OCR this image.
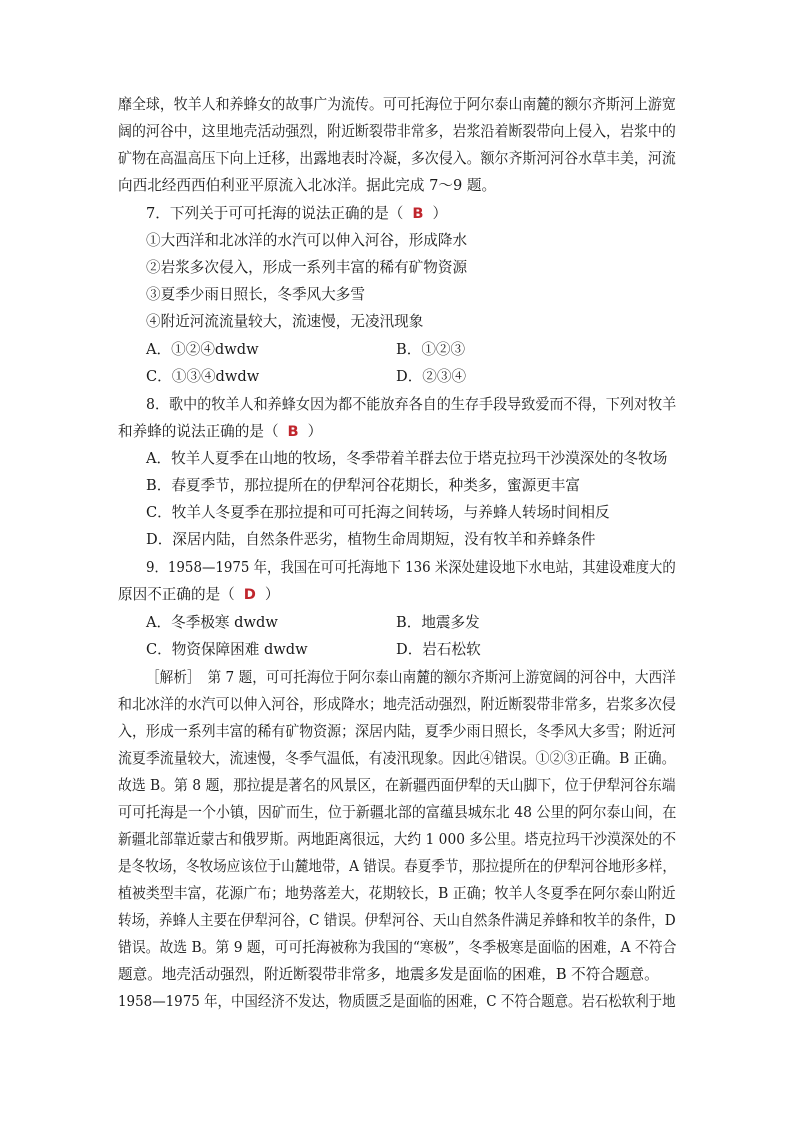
靡全球，牧羊人和养蜂女的故事广为流传。可可托海位于阿尔泰山南麓的额尔齐斯河上游宽
阔的河谷中，这里地壳活动强烈，附近断裂带非常多，岩浆沿着断裂带向上侵入，岩浆中的
矿物在高温高压下向上迁移，出露地表时冷凝，多次侵入。额尔齐斯河河谷水草丰美，河流
向西北经西西伯利亚平原流入北冰洋。据此完成 7～9 题。
7．下列关于可可托海的说法正确的是（ B ）
①大西洋和北冰洋的水汽可以伸入河谷，形成降水
②岩浆多次侵入，形成一系列丰富的稀有矿物资源
③夏季少雨日照长，冬季风大多雪
④附近河流流量较大，流速慢，无凌汛现象
A．①②④dwdw	B．①②③
C．①③④dwdw	D．②③④
8．歌中的牧羊人和养蜂女因为都不能放弃各自的生存手段导致爱而不得，下列对牧羊
和养蜂的说法正确的是（ B ）
A．牧羊人夏季在山地的牧场，冬季带着羊群去位于塔克拉玛干沙漠深处的冬牧场
B．春夏季节，那拉提所在的伊犁河谷花期长，种类多，蜜源更丰富
C．牧羊人冬夏季在那拉提和可可托海之间转场，与养蜂人转场时间相反
D．深居内陆，自然条件恶劣，植物生命周期短，没有牧羊和养蜂条件
9．1958—1975 年，我国在可可托海地下 136 米深处建设地下水电站，其建设难度大的
原因不正确的是（ D ）
A．冬季极寒 dwdw	B．地震多发
C．物资保障困难 dwdw	D．岩石松软
［解析］　第 7 题，可可托海位于阿尔泰山南麓的额尔齐斯河上游宽阔的河谷中，大西洋
和北冰洋的水汽可以伸入河谷，形成降水；地壳活动强烈，附近断裂带非常多，岩浆多次侵
入，形成一系列丰富的稀有矿物资源；深居内陆，夏季少雨日照长，冬季风大多雪；附近河
流夏季流量较大，流速慢，冬季气温低，有凌汛现象。因此④错误。①②③正确。B 正确。
故选 B。第 8 题，那拉提是著名的风景区，在新疆西面伊犁的天山脚下，位于伊犁河谷东端
可可托海是一个小镇，因矿而生，位于新疆北部的富蕴县城东北 48 公里的阿尔泰山间，在
新疆北部靠近蒙古和俄罗斯。两地距离很远，大约 1 000 多公里。塔克拉玛干沙漠深处的不
是冬牧场，冬牧场应该位于山麓地带，A 错误。春夏季节，那拉提所在的伊犁河谷地形多样，
植被类型丰富，花源广布；地势落差大，花期较长，B 正确；牧羊人冬夏季在阿尔泰山附近
转场，养蜂人主要在伊犁河谷，C 错误。伊犁河谷、天山自然条件满足养蜂和牧羊的条件，D
错误。故选 B。第 9 题，可可托海被称为我国的“寒极”，冬季极寒是面临的困难，A 不符合
题意。地壳活动强烈，附近断裂带非常多，地震多发是面临的困难，B 不符合题意。
1958—1975 年，中国经济不发达，物质匮乏是面临的困难，C 不符合题意。岩石松软利于地
